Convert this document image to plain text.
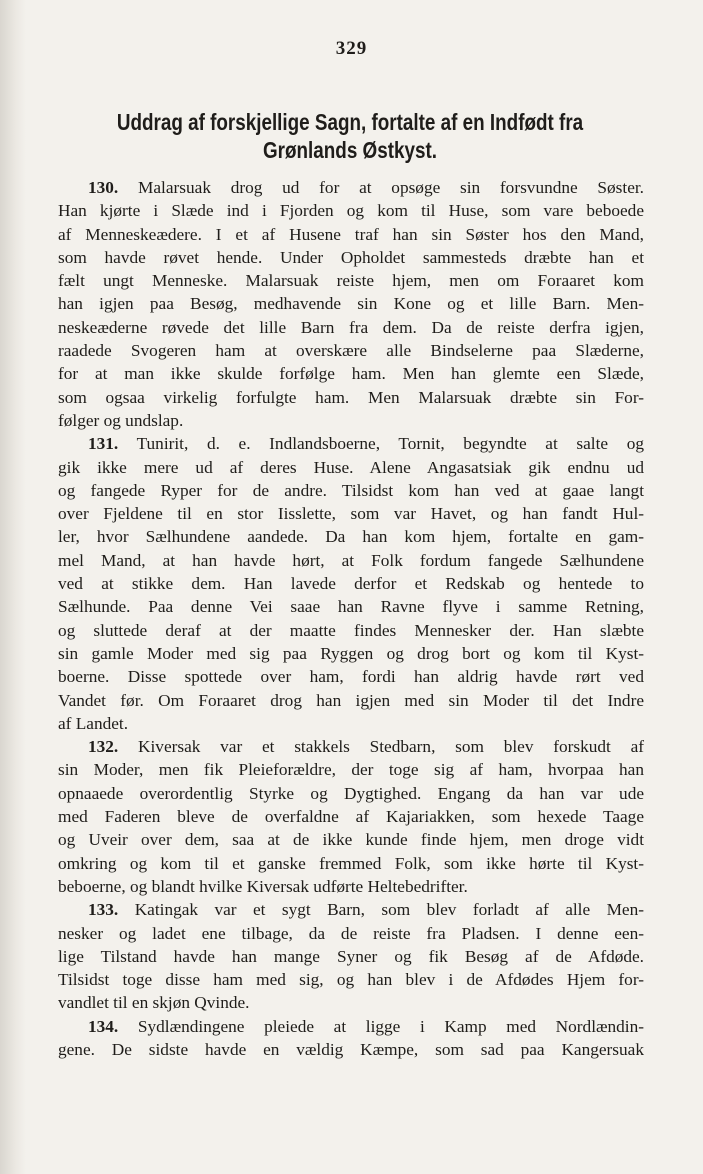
329
Uddrag af forskjellige Sagn, fortalte af en Indfødt fra
Grønlands Østkyst.
130. Malarsuak drog ud for at opsøge sin forsvundne Søster.
Han kjørte i Slæde ind i Fjorden og kom til Huse, som vare beboede
af Menneskeædere. I et af Husene traf han sin Søster hos den Mand,
som havde røvet hende. Under Opholdet sammesteds dræbte han et
fælt ungt Menneske. Malarsuak reiste hjem, men om Foraaret kom
han igjen paa Besøg, medhavende sin Kone og et lille Barn. Men-
neskeæderne røvede det lille Barn fra dem. Da de reiste derfra igjen,
raadede Svogeren ham at overskære alle Bindselerne paa Slæderne,
for at man ikke skulde forfølge ham. Men han glemte een Slæde,
som ogsaa virkelig forfulgte ham. Men Malarsuak dræbte sin For-
følger og undslap.
131. Tunirit, d. e. Indlandsboerne, Tornit, begyndte at salte og
gik ikke mere ud af deres Huse. Alene Angasatsiak gik endnu ud
og fangede Ryper for de andre. Tilsidst kom han ved at gaae langt
over Fjeldene til en stor Iisslette, som var Havet, og han fandt Hul-
ler, hvor Sælhundene aandede. Da han kom hjem, fortalte en gam-
mel Mand, at han havde hørt, at Folk fordum fangede Sælhundene
ved at stikke dem. Han lavede derfor et Redskab og hentede to
Sælhunde. Paa denne Vei saae han Ravne flyve i samme Retning,
og sluttede deraf at der maatte findes Mennesker der. Han slæbte
sin gamle Moder med sig paa Ryggen og drog bort og kom til Kyst-
boerne. Disse spottede over ham, fordi han aldrig havde rørt ved
Vandet før. Om Foraaret drog han igjen med sin Moder til det Indre
af Landet.
132. Kiversak var et stakkels Stedbarn, som blev forskudt af
sin Moder, men fik Pleieforældre, der toge sig af ham, hvorpaa han
opnaaede overordentlig Styrke og Dygtighed. Engang da han var ude
med Faderen bleve de overfaldne af Kajariakken, som hexede Taage
og Uveir over dem, saa at de ikke kunde finde hjem, men droge vidt
omkring og kom til et ganske fremmed Folk, som ikke hørte til Kyst-
beboerne, og blandt hvilke Kiversak udførte Heltebedrifter.
133. Katingak var et sygt Barn, som blev forladt af alle Men-
nesker og ladet ene tilbage, da de reiste fra Pladsen. I denne een-
lige Tilstand havde han mange Syner og fik Besøg af de Afdøde.
Tilsidst toge disse ham med sig, og han blev i de Afdødes Hjem for-
vandlet til en skjøn Qvinde.
134. Sydlændingene pleiede at ligge i Kamp med Nordlændin-
gene. De sidste havde en vældig Kæmpe, som sad paa Kangersuak
